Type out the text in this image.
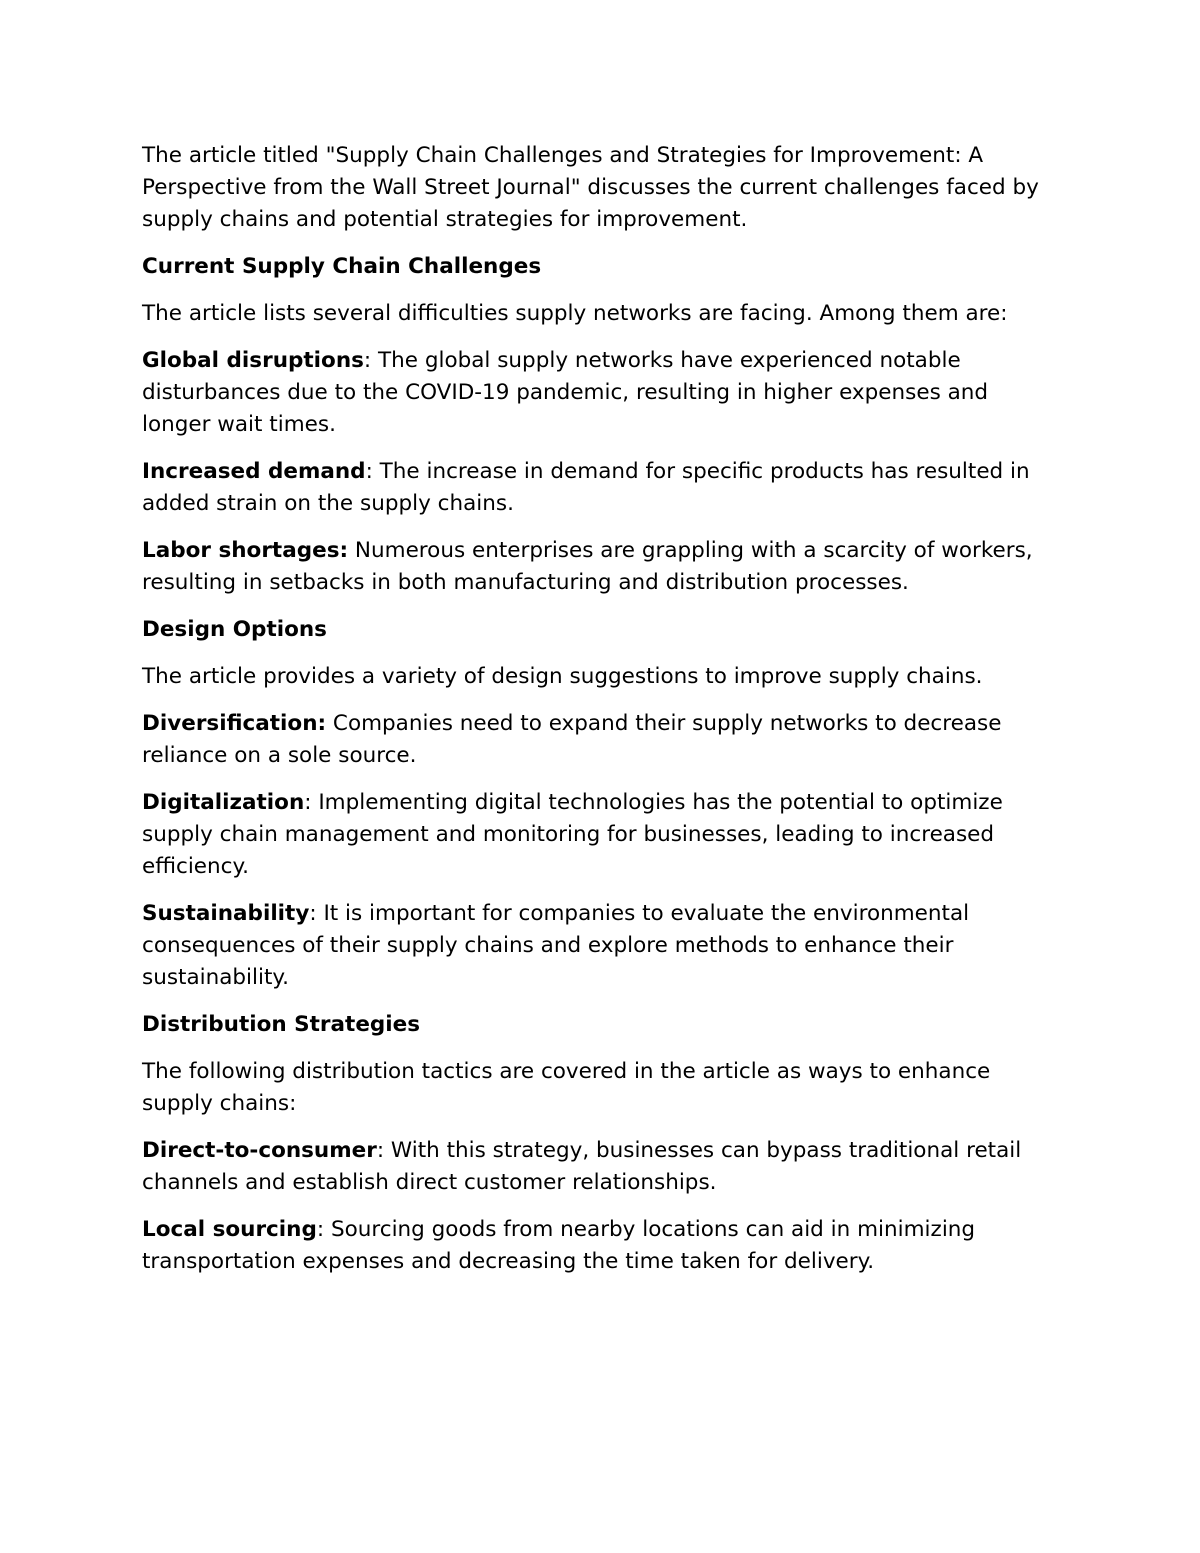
The article titled "Supply Chain Challenges and Strategies for Improvement: A Perspective from the Wall Street Journal" discusses the current challenges faced by supply chains and potential strategies for improvement.

Current Supply Chain Challenges

The article lists several difficulties supply networks are facing. Among them are:

Global disruptions: The global supply networks have experienced notable disturbances due to the COVID-19 pandemic, resulting in higher expenses and longer wait times.

Increased demand: The increase in demand for specific products has resulted in added strain on the supply chains.

Labor shortages: Numerous enterprises are grappling with a scarcity of workers, resulting in setbacks in both manufacturing and distribution processes.

Design Options

The article provides a variety of design suggestions to improve supply chains.

Diversification: Companies need to expand their supply networks to decrease reliance on a sole source.

Digitalization: Implementing digital technologies has the potential to optimize supply chain management and monitoring for businesses, leading to increased efficiency.

Sustainability: It is important for companies to evaluate the environmental consequences of their supply chains and explore methods to enhance their sustainability.

Distribution Strategies

The following distribution tactics are covered in the article as ways to enhance supply chains:

Direct-to-consumer: With this strategy, businesses can bypass traditional retail channels and establish direct customer relationships.

Local sourcing: Sourcing goods from nearby locations can aid in minimizing transportation expenses and decreasing the time taken for delivery.
